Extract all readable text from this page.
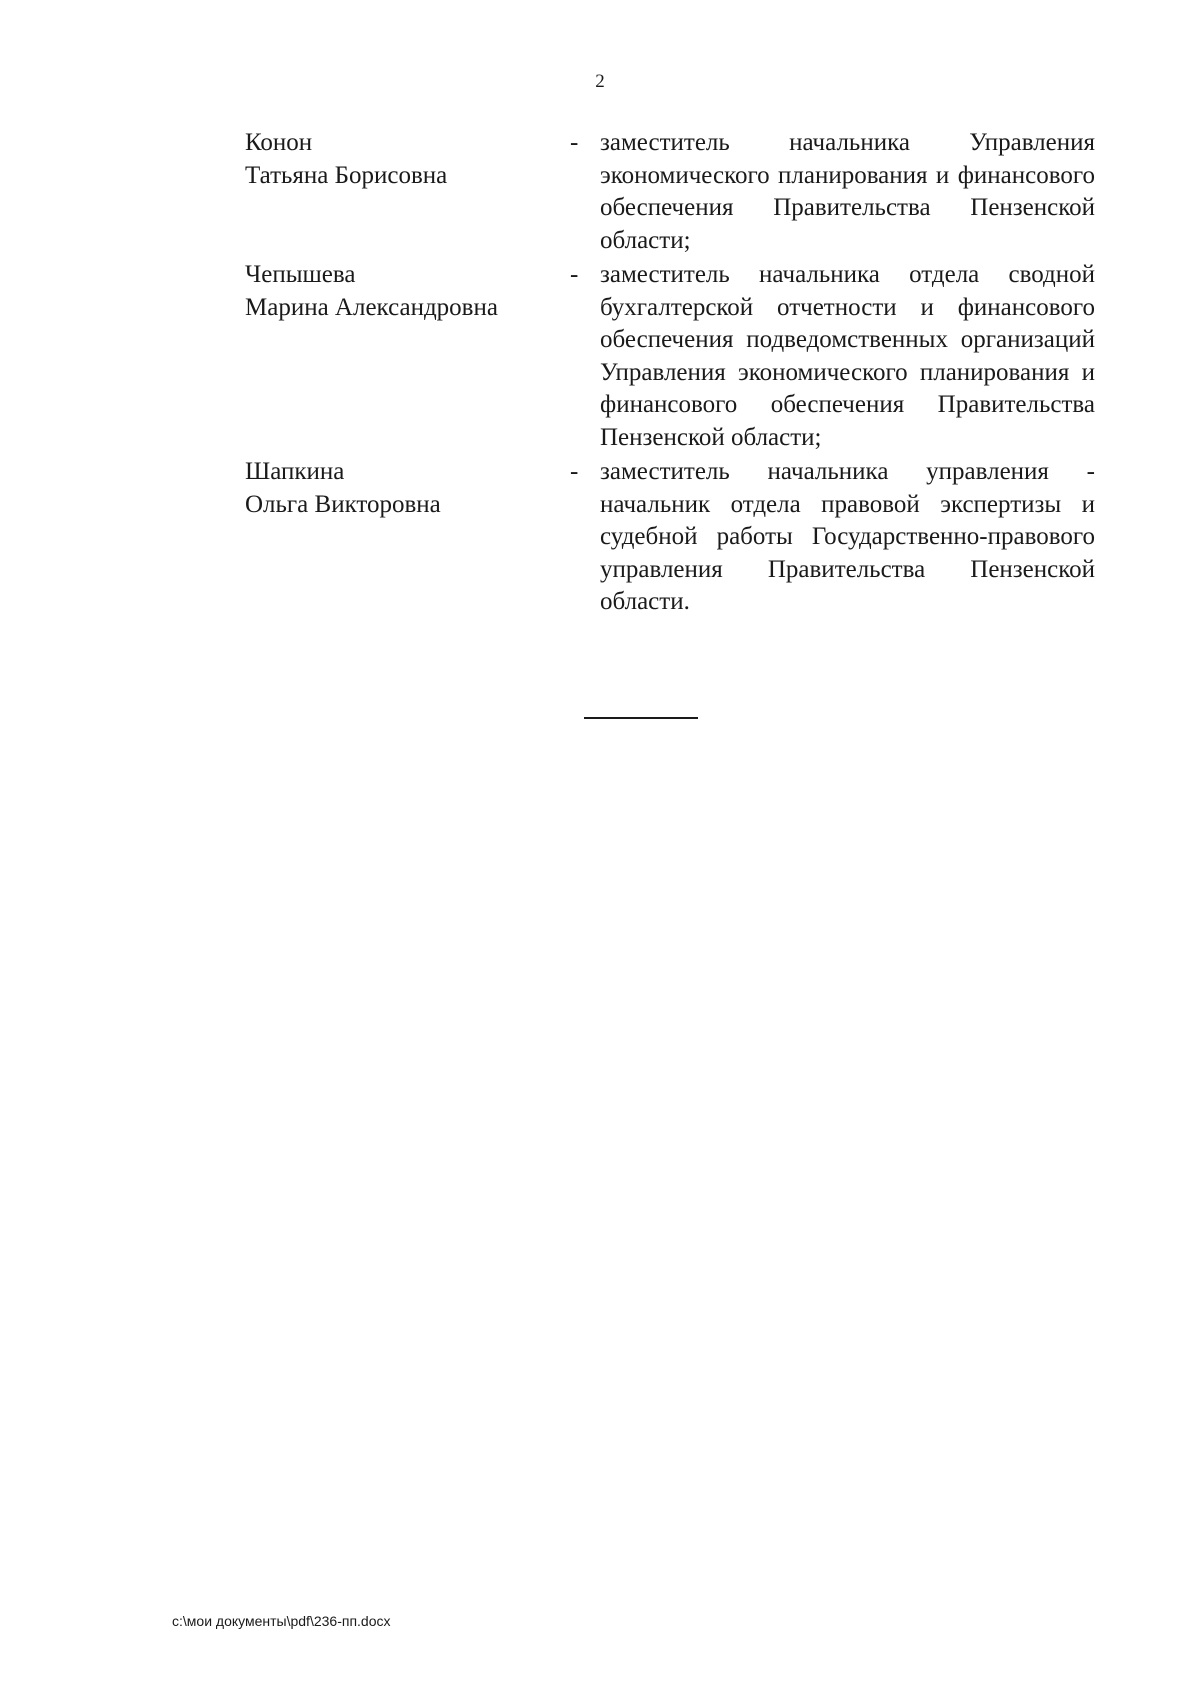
2
Конон
Татьяна Борисовна
- заместитель начальника Управления экономического планирования и финансового обеспечения Правительства Пензенской области;
Чепышева
Марина Александровна
- заместитель начальника отдела сводной бухгалтерской отчетности и финансового обеспечения подведомственных организаций Управления экономического планирования и финансового обеспечения Правительства Пензенской области;
Шапкина
Ольга Викторовна
- заместитель начальника управления - начальник отдела правовой экспертизы и судебной работы Государственно-правового управления Правительства Пензенской области.
c:\мои документы\pdf\236-пп.docx
